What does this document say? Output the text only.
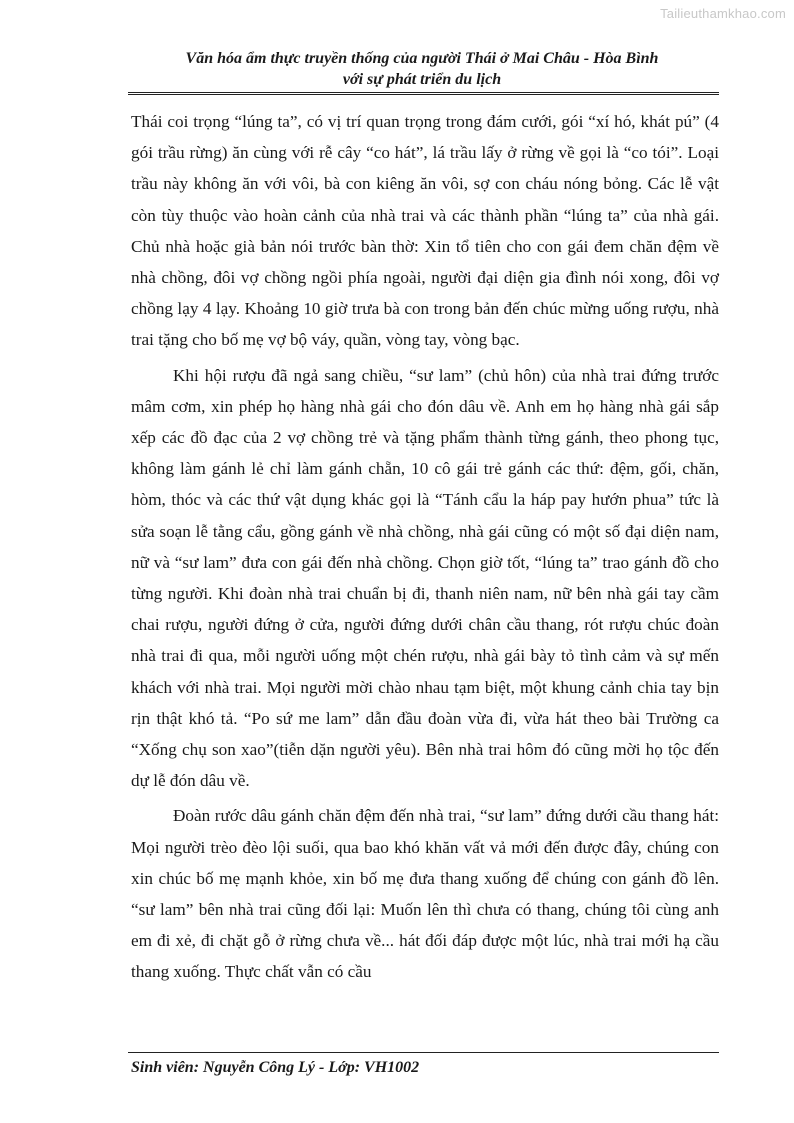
Tailieuthamkhao.com
Văn hóa ẩm thực truyền thống của người Thái ở Mai Châu - Hòa Bình
với sự phát triển du lịch

Thái coi trọng “lúng ta”, có vị trí quan trọng trong đám cưới, gói “xí hó, khát pú” (4 gói trầu rừng) ăn cùng với rễ cây “co hát”, lá trầu lấy ở rừng về gọi là “co tói”. Loại trầu này không ăn với vôi, bà con kiêng ăn vôi, sợ con cháu nóng bỏng. Các lễ vật còn tùy thuộc vào hoàn cảnh của nhà trai và các thành phần “lúng ta” của nhà gái. Chủ nhà hoặc già bản nói trước bàn thờ: Xin tổ tiên cho con gái đem chăn đệm về nhà chồng, đôi vợ chồng ngồi phía ngoài, người đại diện gia đình nói xong, đôi vợ chồng lạy 4 lạy. Khoảng 10 giờ trưa bà con trong bản đến chúc mừng uống rượu, nhà trai tặng cho bố mẹ vợ bộ váy, quần, vòng tay, vòng bạc.

Khi hội rượu đã ngả sang chiều, “sư lam” (chủ hôn) của nhà trai đứng trước mâm cơm, xin phép họ hàng nhà gái cho đón dâu về. Anh em họ hàng nhà gái sắp xếp các đồ đạc của 2 vợ chồng trẻ và tặng phẩm thành từng gánh, theo phong tục, không làm gánh lẻ chỉ làm gánh chẵn, 10 cô gái trẻ gánh các thứ: đệm, gối, chăn, hòm, thóc và các thứ vật dụng khác gọi là “Tánh cẩu la háp pay hướn phua” tức là sửa soạn lễ tằng cẩu, gồng gánh về nhà chồng, nhà gái cũng có một số đại diện nam, nữ và “sư lam” đưa con gái đến nhà chồng. Chọn giờ tốt, “lúng ta” trao gánh đồ cho từng người. Khi đoàn nhà trai chuẩn bị đi, thanh niên nam, nữ bên nhà gái tay cầm chai rượu, người đứng ở cửa, người đứng dưới chân cầu thang, rót rượu chúc đoàn nhà trai đi qua, mỗi người uống một chén rượu, nhà gái bày tỏ tình cảm và sự mến khách với nhà trai. Mọi người mời chào nhau tạm biệt, một khung cảnh chia tay bịn rịn thật khó tả. “Po sứ me lam” dẫn đầu đoàn vừa đi, vừa hát theo bài Trường ca “Xống chụ son xao”(tiễn dặn người yêu). Bên nhà trai hôm đó cũng mời họ tộc đến dự lễ đón dâu về.

Đoàn rước dâu gánh chăn đệm đến nhà trai, “sư lam” đứng dưới cầu thang hát: Mọi người trèo đèo lội suối, qua bao khó khăn vất vả mới đến được đây, chúng con xin chúc bố mẹ mạnh khỏe, xin bố mẹ đưa thang xuống để chúng con gánh đồ lên. “sư lam” bên nhà trai cũng đối lại: Muốn lên thì chưa có thang, chúng tôi cùng anh em đi xẻ, đi chặt gỗ ở rừng chưa về... hát đối đáp được một lúc, nhà trai mới hạ cầu thang xuống. Thực chất vẫn có cầu

Sinh viên: Nguyễn Công Lý - Lớp: VH1002
